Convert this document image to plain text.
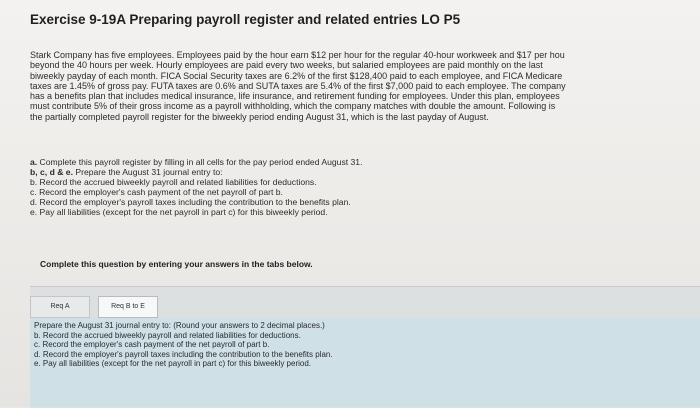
Exercise 9-19A Preparing payroll register and related entries LO P5
Stark Company has five employees. Employees paid by the hour earn $12 per hour for the regular 40-hour workweek and $17 per hou
beyond the 40 hours per week. Hourly employees are paid every two weeks, but salaried employees are paid monthly on the last
biweekly payday of each month. FICA Social Security taxes are 6.2% of the first $128,400 paid to each employee, and FICA Medicare
taxes are 1.45% of gross pay. FUTA taxes are 0.6% and SUTA taxes are 5.4% of the first $7,000 paid to each employee. The company
has a benefits plan that includes medical insurance, life insurance, and retirement funding for employees. Under this plan, employees
must contribute 5% of their gross income as a payroll withholding, which the company matches with double the amount. Following is
the partially completed payroll register for the biweekly period ending August 31, which is the last payday of August.
a. Complete this payroll register by filling in all cells for the pay period ended August 31.
b, c, d & e. Prepare the August 31 journal entry to:
b. Record the accrued biweekly payroll and related liabilities for deductions.
c. Record the employer's cash payment of the net payroll of part b.
d. Record the employer's payroll taxes including the contribution to the benefits plan.
e. Pay all liabilities (except for the net payroll in part c) for this biweekly period.
Complete this question by entering your answers in the tabs below.
Req A	Req B to E
Prepare the August 31 journal entry to: (Round your answers to 2 decimal places.)
b. Record the accrued biweekly payroll and related liabilities for deductions.
c. Record the employer's cash payment of the net payroll of part b.
d. Record the employer's payroll taxes including the contribution to the benefits plan.
e. Pay all liabilities (except for the net payroll in part c) for this biweekly period.
